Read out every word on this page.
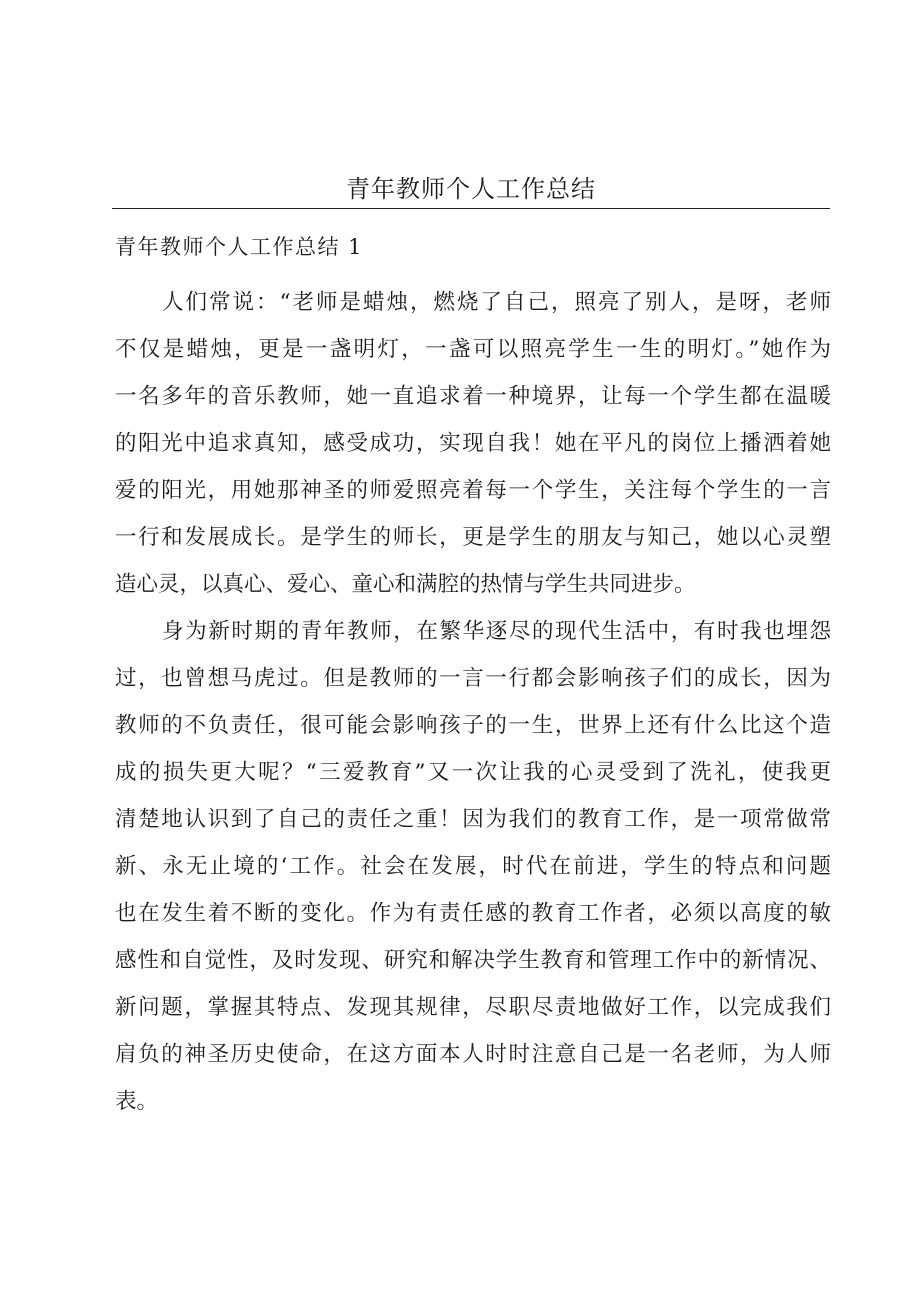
青年教师个人工作总结
青年教师个人工作总结 1
人们常说：“老师是蜡烛，燃烧了自己，照亮了别人，是呀，老师
不仅是蜡烛，更是一盏明灯，一盏可以照亮学生一生的明灯。”她作为
一名多年的音乐教师，她一直追求着一种境界，让每一个学生都在温暖
的阳光中追求真知，感受成功，实现自我！她在平凡的岗位上播洒着她
爱的阳光，用她那神圣的师爱照亮着每一个学生，关注每个学生的一言
一行和发展成长。是学生的师长，更是学生的朋友与知己，她以心灵塑
造心灵，以真心、爱心、童心和满腔的热情与学生共同进步。
身为新时期的青年教师，在繁华逐尽的现代生活中，有时我也埋怨
过，也曾想马虎过。但是教师的一言一行都会影响孩子们的成长，因为
教师的不负责任，很可能会影响孩子的一生，世界上还有什么比这个造
成的损失更大呢？“三爱教育”又一次让我的心灵受到了洗礼，使我更
清楚地认识到了自己的责任之重！因为我们的教育工作，是一项常做常
新、永无止境的‘工作。社会在发展，时代在前进，学生的特点和问题
也在发生着不断的变化。作为有责任感的教育工作者，必须以高度的敏
感性和自觉性，及时发现、研究和解决学生教育和管理工作中的新情况、
新问题，掌握其特点、发现其规律，尽职尽责地做好工作，以完成我们
肩负的神圣历史使命，在这方面本人时时注意自己是一名老师，为人师
表。
